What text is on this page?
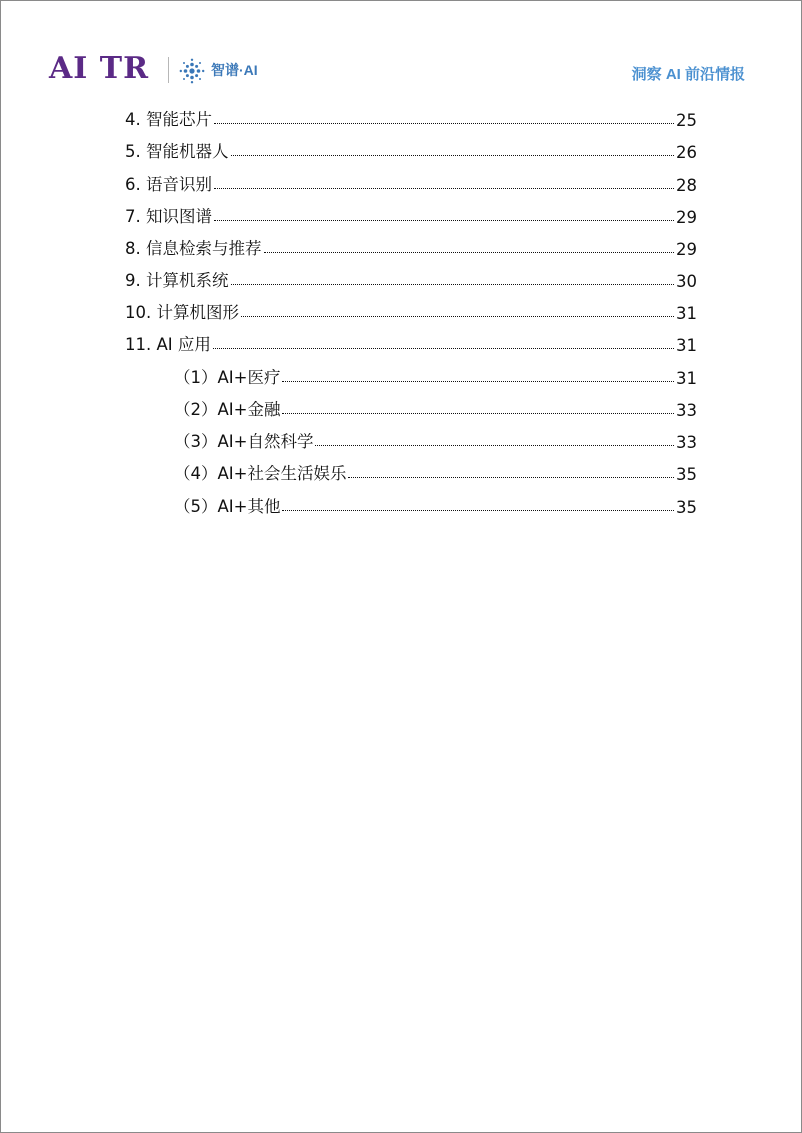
AI TR	智谱·AI	洞察 AI 前沿情报
4. 智能芯片	25
5. 智能机器人	26
6. 语音识别	28
7. 知识图谱	29
8. 信息检索与推荐	29
9. 计算机系统	30
10. 计算机图形	31
11. AI 应用	31
（1）AI+医疗	31
（2）AI+金融	33
（3）AI+自然科学	33
（4）AI+社会生活娱乐	35
（5）AI+其他	35
